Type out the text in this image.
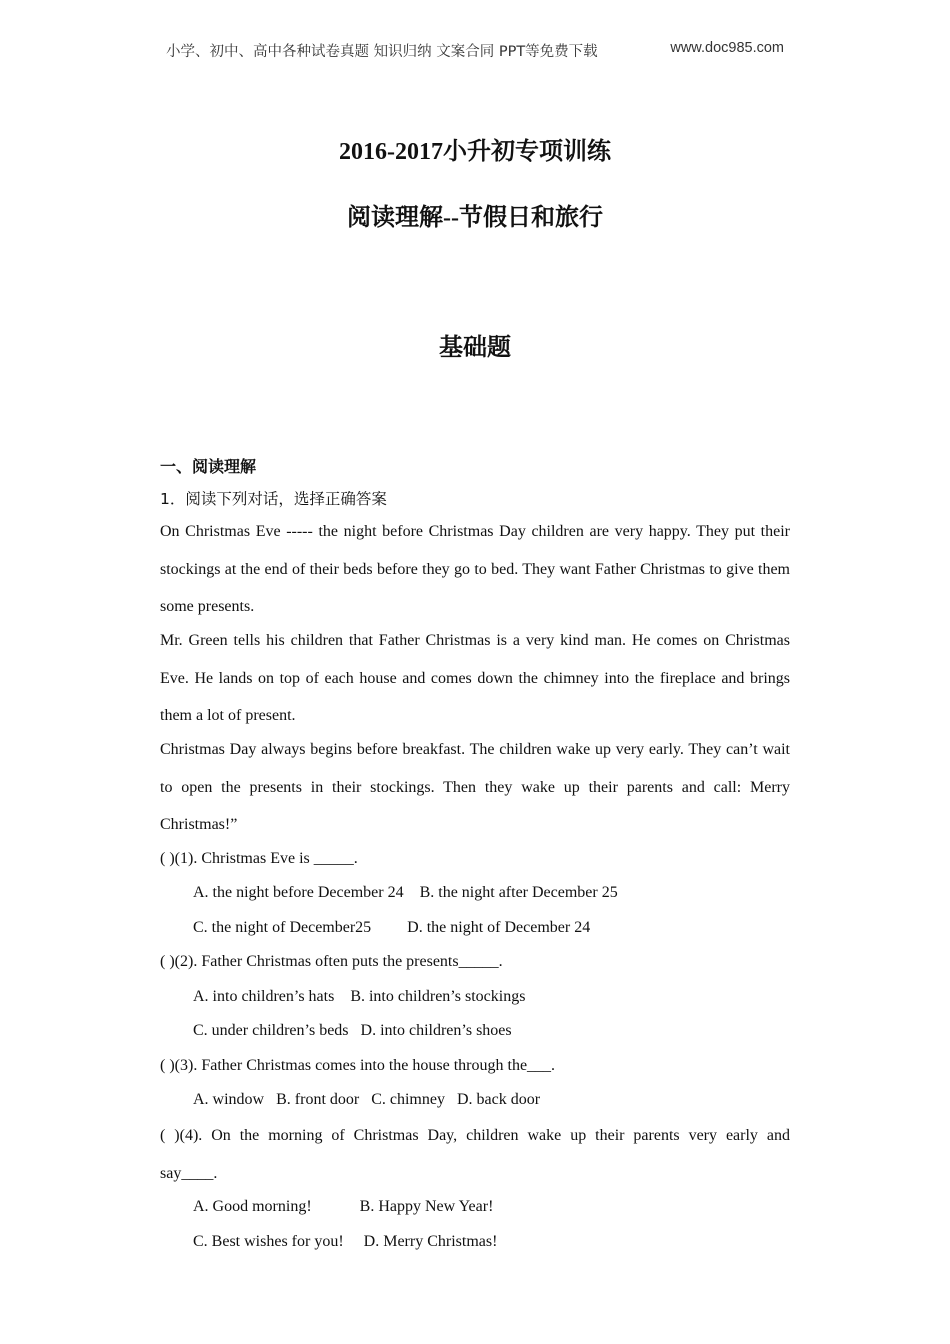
小学、初中、高中各种试卷真题 知识归纳 文案合同 PPT等免费下载	www.doc985.com
2016-2017小升初专项训练
阅读理解--节假日和旅行
基础题
一、阅读理解
1．阅读下列对话，选择正确答案

On Christmas Eve ----- the night before Christmas Day children are very happy. They put their stockings at the end of their beds before they go to bed. They want Father Christmas to give them some presents.

Mr. Green tells his children that Father Christmas is a very kind man. He comes on Christmas Eve. He lands on top of each house and comes down the chimney into the fireplace and brings them a lot of present.

Christmas Day always begins before breakfast. The children wake up very early. They can’t wait to open the presents in their stockings. Then they wake up their parents and call: Merry Christmas!”

( )(1). Christmas Eve is _____.
A. the night before December 24    B. the night after December 25
C. the night of December25         D. the night of December 24
( )(2). Father Christmas often puts the presents_____.
A. into children’s hats    B. into children’s stockings
C. under children’s beds   D. into children’s shoes
( )(3). Father Christmas comes into the house through the___.
A. window   B. front door   C. chimney   D. back door

( )(4). On the morning of Christmas Day, children wake up their parents very early and

say____.
A. Good morning!            B. Happy New Year!
C. Best wishes for you!     D. Merry Christmas!
